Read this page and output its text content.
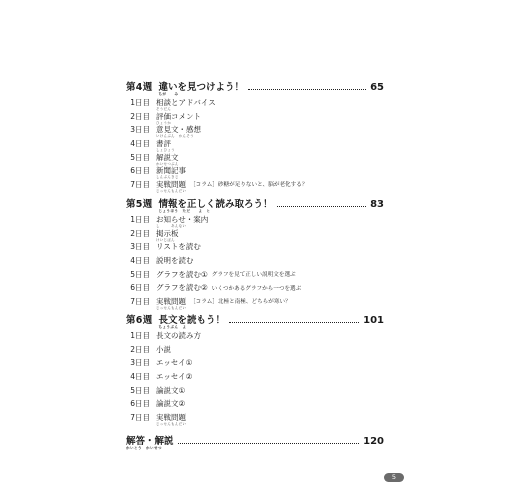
第4週 違いを見つけよう！
ちが　　み
65
1日目 相談とアドバイス
そうだん
2日目 評価コメント
ひょうか
3日目 意見文・感想
いけんぶん　かんそう
4日目 書評
しょひょう
5日目 解説文
かいせつぶん
6日目 新聞記事
しんぶんきじ
7日目 実戦問題
じっせんもんだい
［コラム］砂糖が足りないと、脳が老化する？
第5週 情報を正しく読み取ろう！
じょうほう　ただ　　よ　と
83
1日目 お知らせ・案内
し　　　あんない
2日目 掲示板
けいじばん
3日目 リストを読む
4日目 説明を読む
5日目 グラフを読む① グラフを見て正しい説明文を選ぶ
6日目 グラフを読む② いくつかあるグラフから一つを選ぶ
7日目 実戦問題
じっせんもんだい
［コラム］北極と南極、どちらが寒い？
第6週 長文を読もう！
ちょうぶん　よ
101
1日目 長文の読み方
2日目 小説
3日目 エッセイ①
4日目 エッセイ②
5日目 論説文①
6日目 論説文②
7日目 実戦問題
じっせんもんだい
解答・解説
かいとう　かいせつ
120
5
